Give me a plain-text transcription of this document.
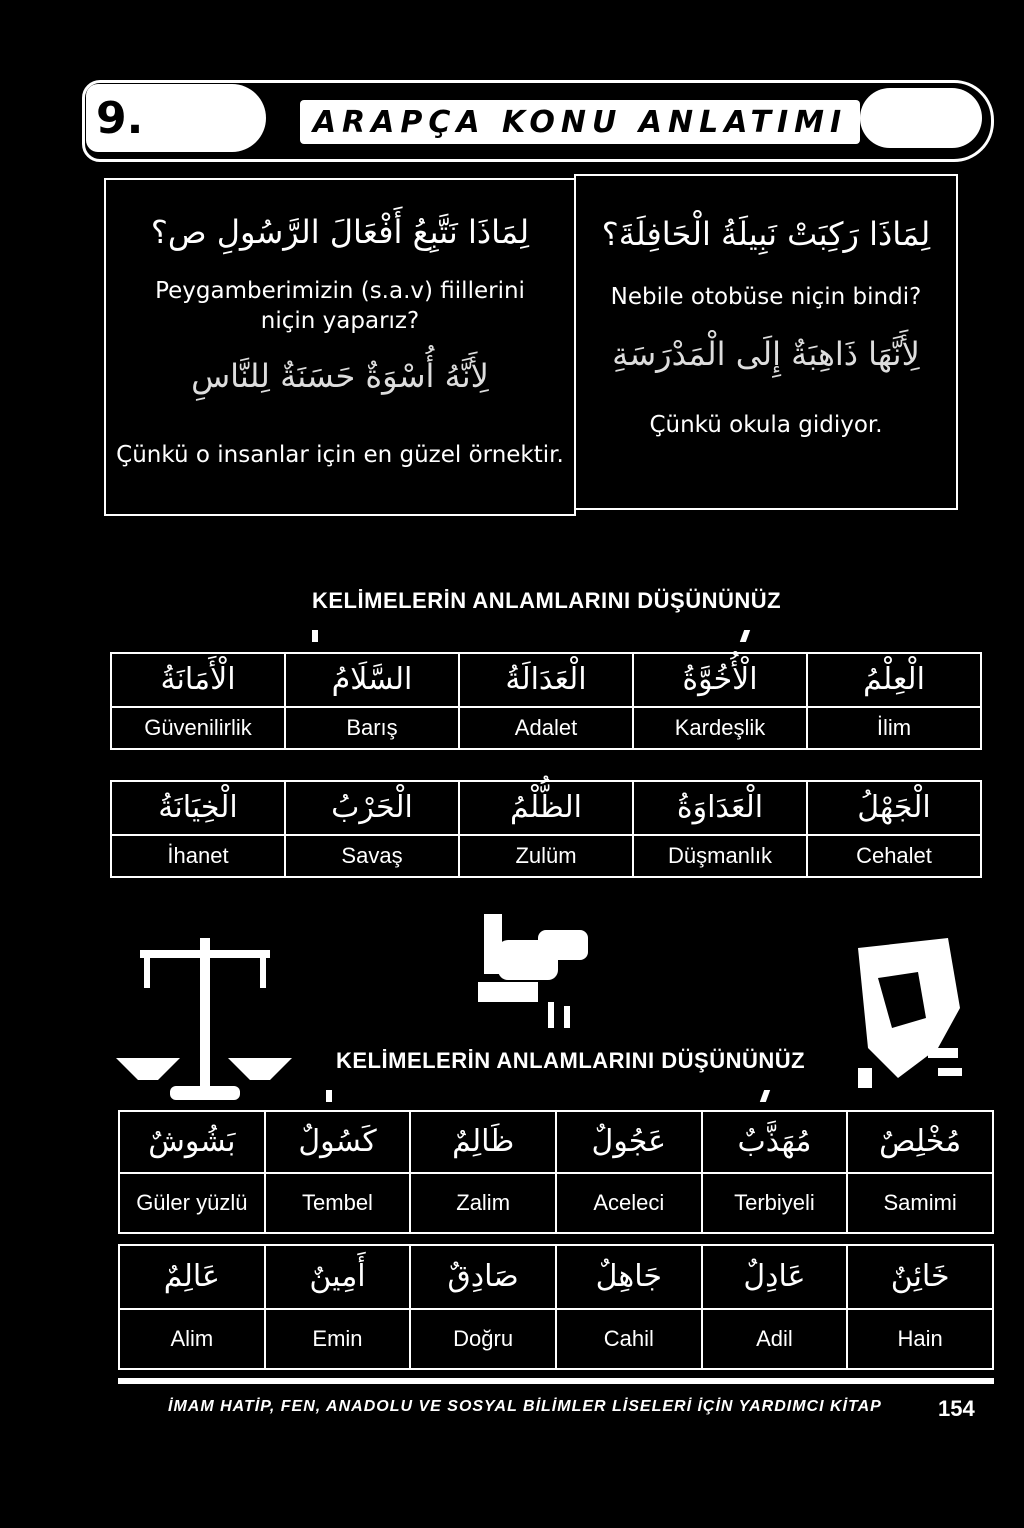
9.	ARAPÇA KONU ANLATIMI
لِمَاذَا نَتَّبِعُ أَفْعَالَ الرَّسُولِ ص؟
Peygamberimizin (s.a.v) fiillerini niçin yaparız?
لِأَنَّهُ أُسْوَةٌ حَسَنَةٌ لِلنَّاسِ
Çünkü o insanlar için en güzel örnektir.
لِمَاذَا رَكِبَتْ نَبِيلَةُ الْحَافِلَةَ؟
Nebile otobüse niçin bindi?
لِأَنَّهَا ذَاهِبَةٌ إِلَى الْمَدْرَسَةِ
Çünkü okula gidiyor.
KELİMELERİN ANLAMLARINI DÜŞÜNÜNÜZ
الْأَمَانَةُ	السَّلَامُ	الْعَدَالَةُ	الْأُخُوَّةُ	الْعِلْمُ
Güvenilirlik	Barış	Adalet	Kardeşlik	İlim
الْخِيَانَةُ	الْحَرْبُ	الظُّلْمُ	الْعَدَاوَةُ	الْجَهْلُ
İhanet	Savaş	Zulüm	Düşmanlık	Cehalet
KELİMELERİN ANLAMLARINI DÜŞÜNÜNÜZ
بَشُوشٌ	كَسُولٌ	ظَالِمٌ	عَجُولٌ	مُهَذَّبٌ	مُخْلِصٌ
Güler yüzlü	Tembel	Zalim	Aceleci	Terbiyeli	Samimi
عَالِمٌ	أَمِينٌ	صَادِقٌ	جَاهِلٌ	عَادِلٌ	خَائِنٌ
Alim	Emin	Doğru	Cahil	Adil	Hain
İMAM HATİP, FEN, ANADOLU VE SOSYAL BİLİMLER LİSELERİ İÇİN YARDIMCI KİTAP	154
